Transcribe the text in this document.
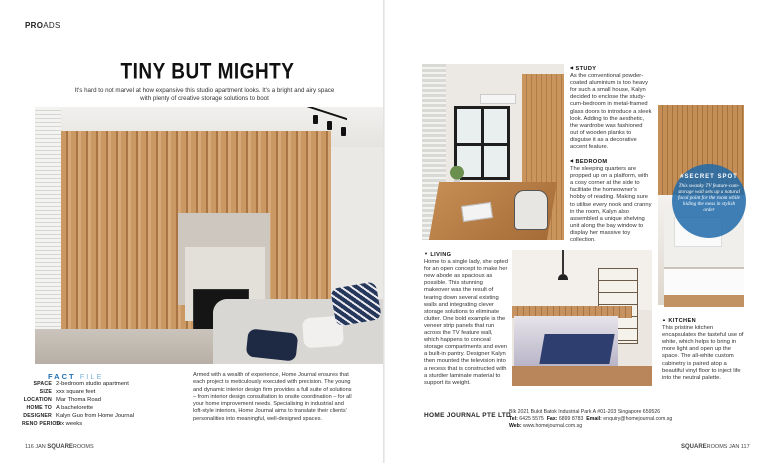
PROADS
TINY BUT MIGHTY
It's hard to not marvel at how expansive this studio apartment looks. It's a bright and airy space with plenty of creative storage solutions to boot
FACT FILE
SPACE 2-bedroom studio apartment
SIZE xxx square feet
LOCATION Mar Thoma Road
HOME TO A bachelorette
DESIGNER Kalyn Guo from Home Journal
RENO PERIODSix weeks
Armed with a wealth of experience, Home Journal ensures that each project is meticulously executed with precision. The young and dynamic interior design firm provides a full suite of solutions – from interior design consultation to onsite coordination – for all your home improvement needs. Specialising in industrial and loft-style interiors, Home Journal aims to translate their clients' personalities into meaningful, well-designed spaces.
116 JAN SQUAREROOMS
◀ STUDY
As the conventional powder-coated aluminium is too heavy for such a small house, Kalyn decided to enclose the study-cum-bedroom in metal-framed glass doors to introduce a sleek look. Adding to the aesthetic, the wardrobe was fashioned out of wooden planks to disguise it as a decorative accent feature.
◀ BEDROOM
The sleeping quarters are propped up on a platform, with a cosy corner at the side to facilitate the homeowner's hobby of reading. Making sure to utilise every nook and cranny in the room, Kalyn also assembled a unique shelving unit along the bay window to display her massive toy collection.
#SECRET SPOT
This swanky TV feature-cum-storage wall sets up a natural focal point for the room while hiding the mess in stylish order
▼ LIVING
Home to a single lady, she opted for an open concept to make her new abode as spacious as possible. This stunning makeover was the result of tearing down several existing walls and integrating clever storage solutions to eliminate clutter. One bold example is the veneer strip panels that run across the TV feature wall, which happens to conceal storage compartments and even a built-in pantry. Designer Kalyn then mounted the television into a recess that is constructed with a sturdier laminate material to support its weight.
▲ KITCHEN
This pristine kitchen encapsulates the tasteful use of white, which helps to bring in more light and open up the space. The all-white custom cabinetry is paired atop a beautiful vinyl floor to inject life into the neutral palette.
HOME JOURNAL PTE LTD
Blk 2021 Bukit Batok Industrial Park A #01-203 Singapore 659526
Tel: 6425 5575 Fax: 6899 8783 Email: enquiry@homejournal.com.sg
Web: www.homejournal.com.sg
SQUAREROOMS JAN 117
